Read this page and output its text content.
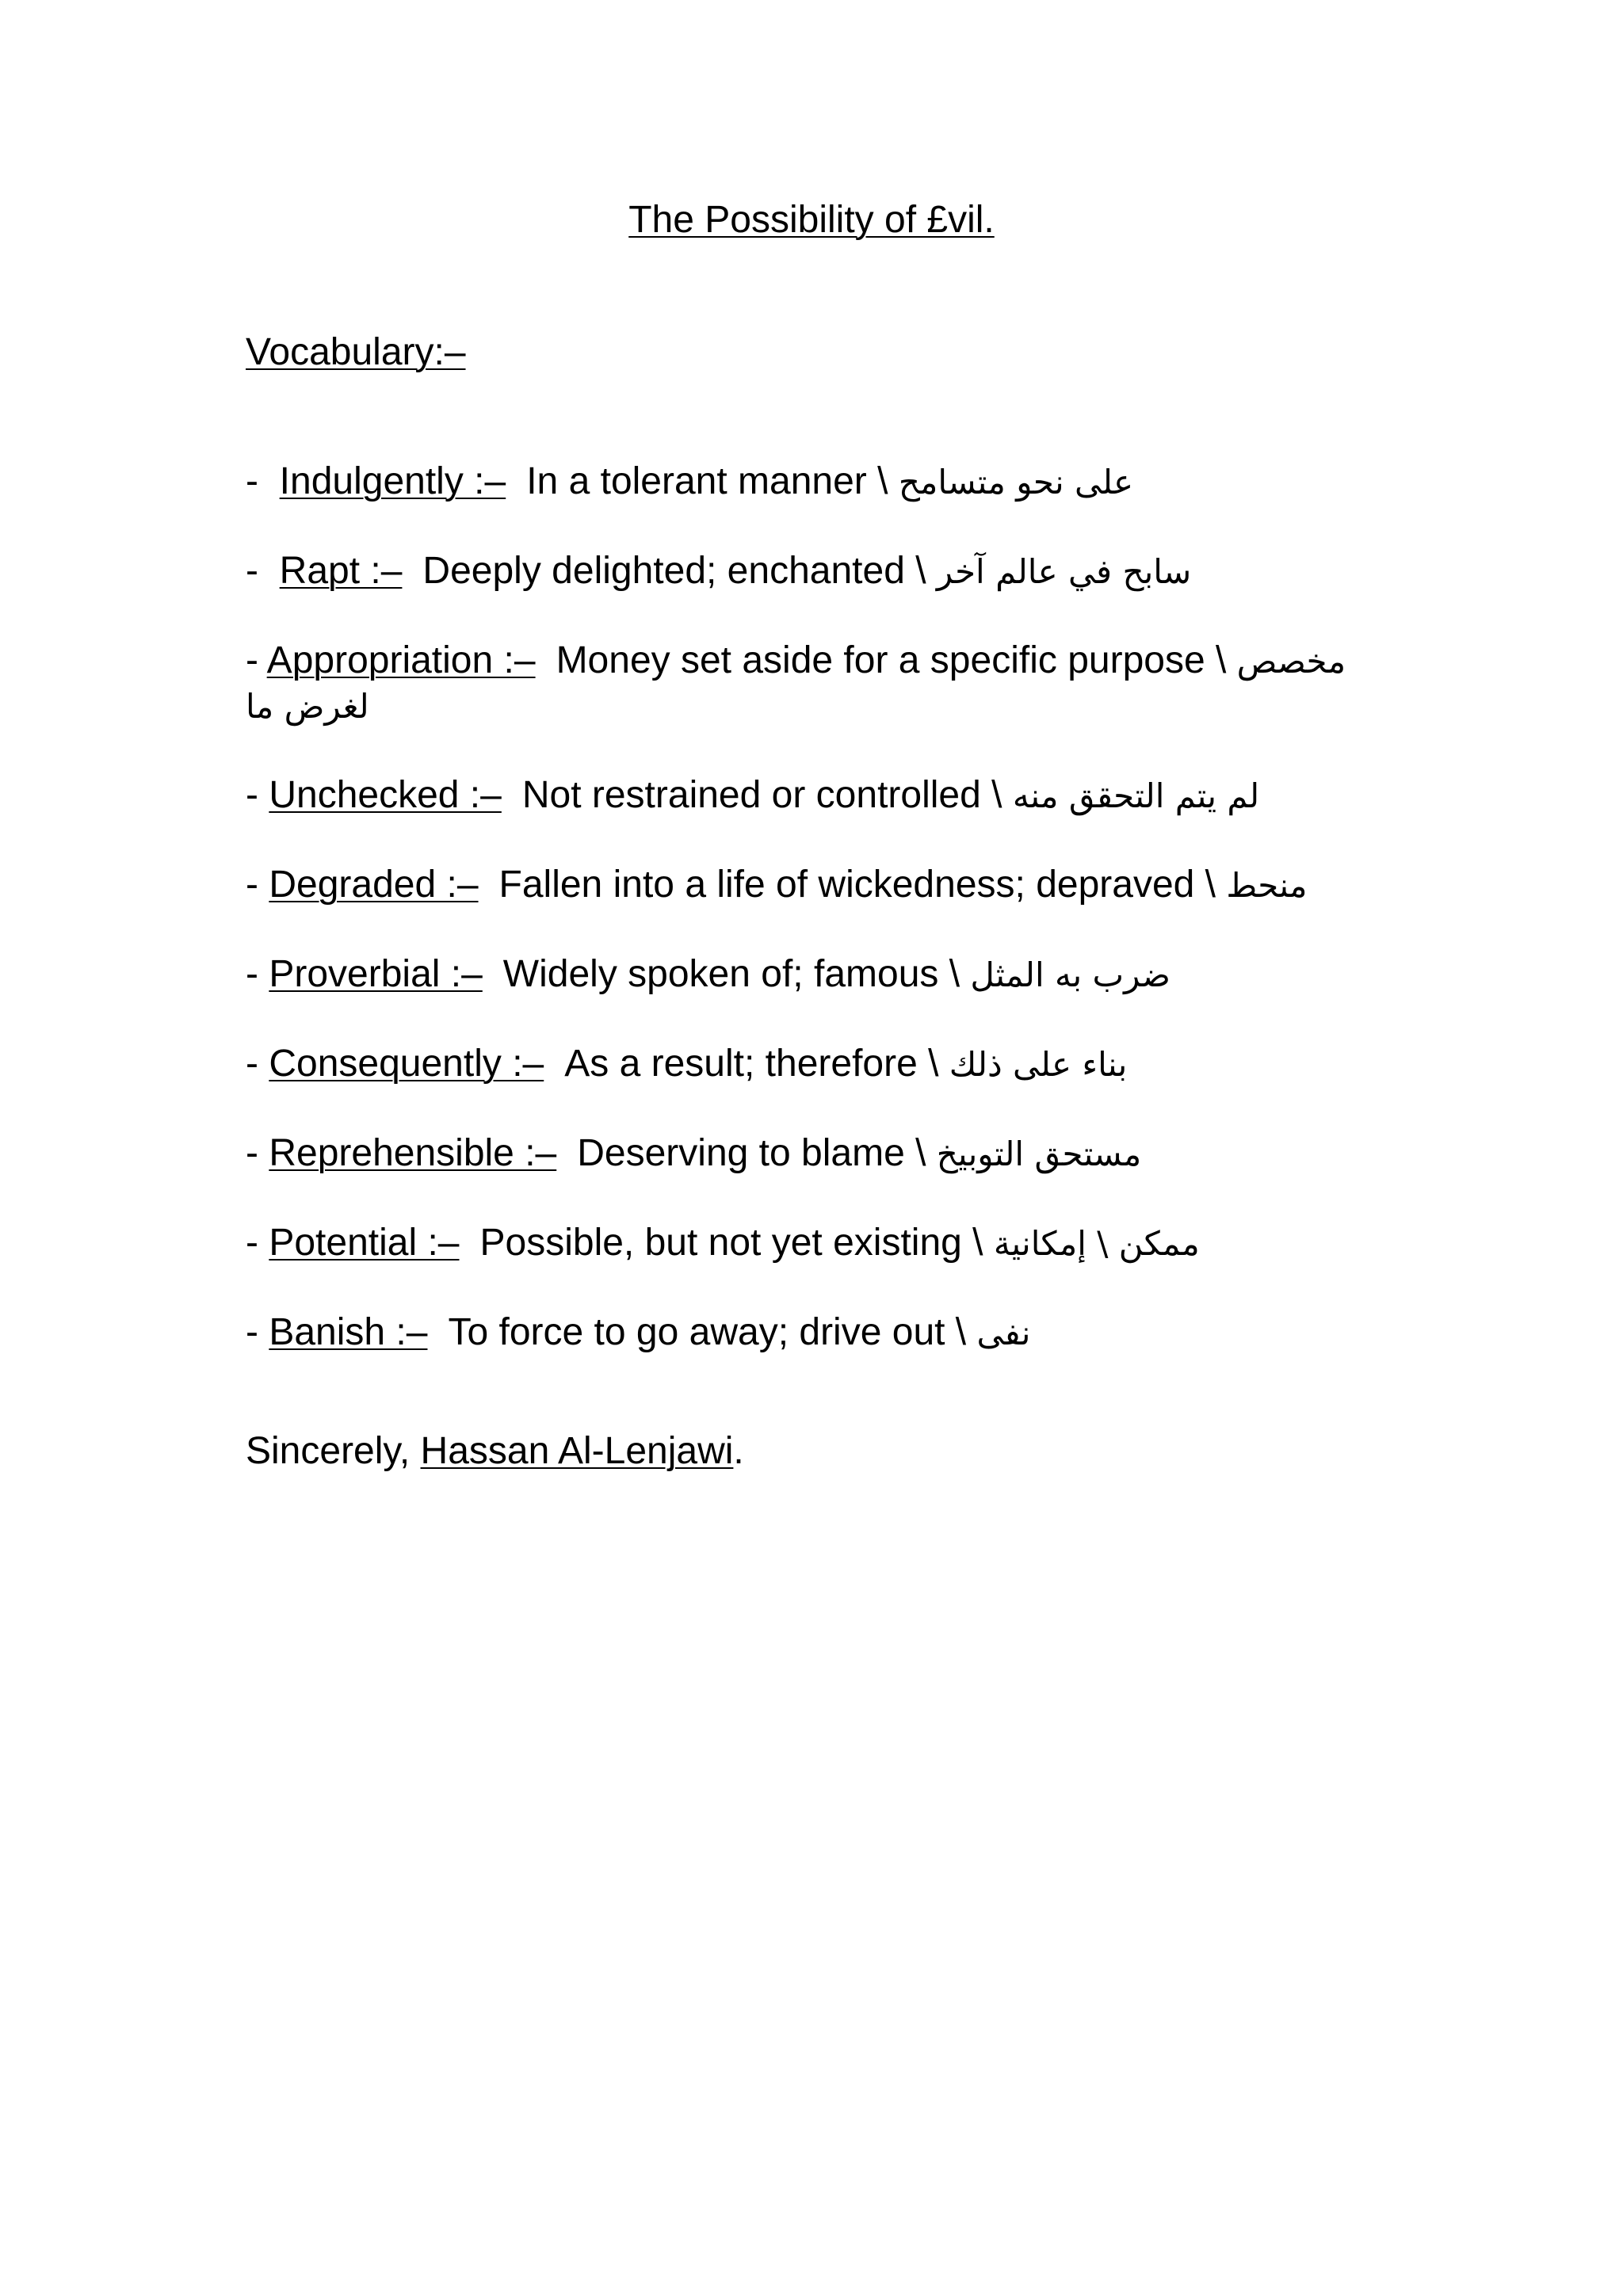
The Possibility of £vil.
Vocabulary:–
-  Indulgently :– In a tolerant manner \ على نحو متسامح
-  Rapt :– Deeply delighted; enchanted \ سابح في عالم آخر
- Appropriation :– Money set aside for a specific purpose \ مخصص لغرض ما
- Unchecked :– Not restrained or controlled \ لم يتم التحقق منه
- Degraded :– Fallen into a life of wickedness; depraved \ منحط
- Proverbial :– Widely spoken of; famous \ ضرب به المثل
- Consequently :– As a result; therefore \ بناء على ذلك
- Reprehensible :– Deserving to blame \ مستحق التوبيخ
- Potential :– Possible, but not yet existing \ ممكن \ إمكانية
- Banish :– To force to go away; drive out \ نفى
Sincerely, Hassan Al-Lenjawi.
